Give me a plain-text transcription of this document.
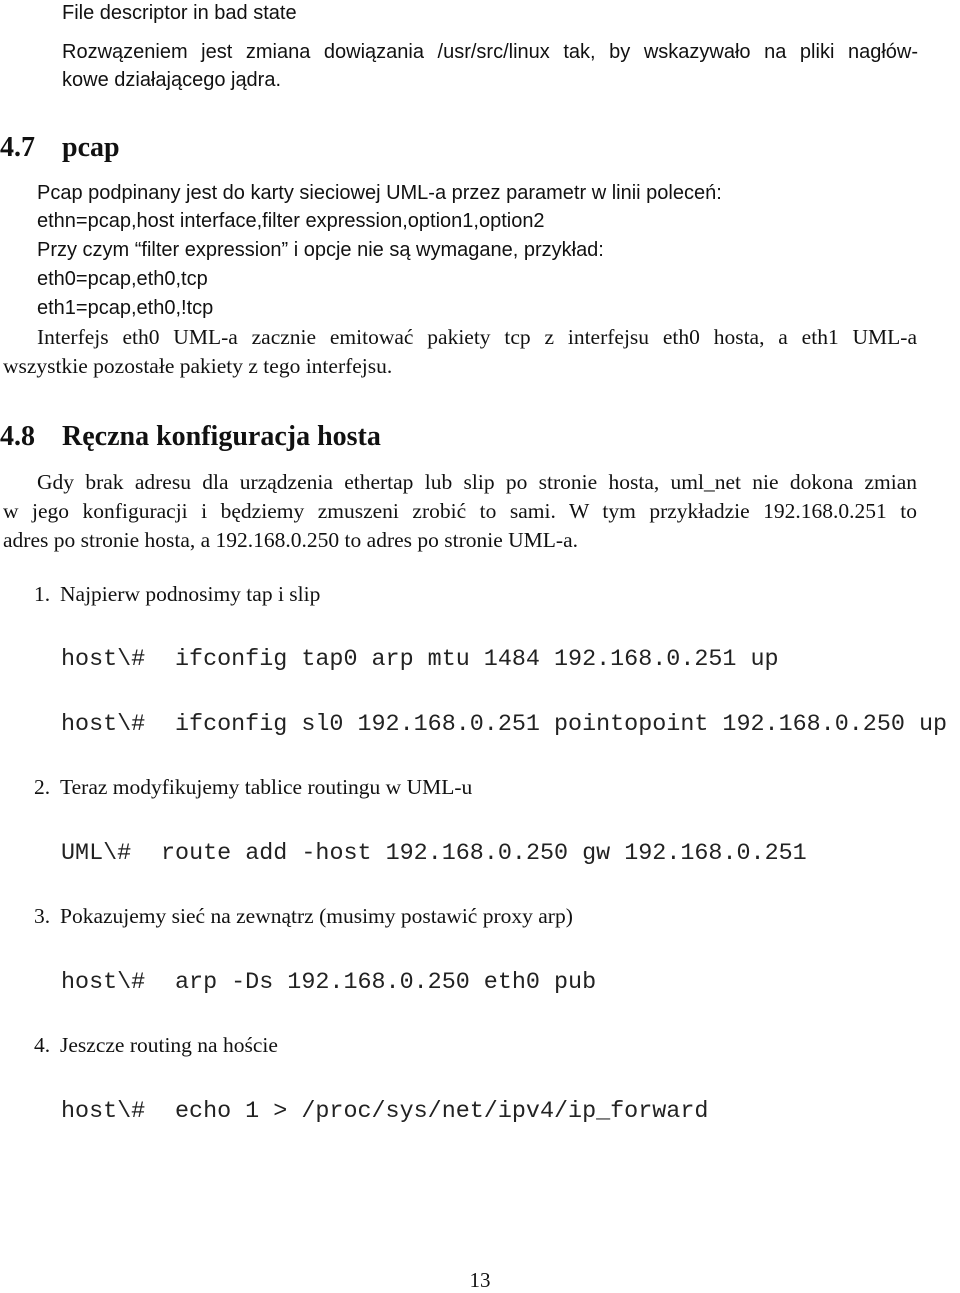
File descriptor in bad state
Rozwązeniem jest zmiana dowiązania /usr/src/linux tak, by wskazywało na pliki nagłów-
kowe działającego jądra.
4.7 pcap
Pcap podpinany jest do karty sieciowej UML-a przez parametr w linii poleceń:
ethn=pcap,host interface,filter expression,option1,option2
Przy czym “filter expression” i opcje nie są wymagane, przykład:
eth0=pcap,eth0,tcp
eth1=pcap,eth0,!tcp
Interfejs eth0 UML-a zacznie emitować pakiety tcp z interfejsu eth0 hosta, a eth1 UML-a
wszystkie pozostałe pakiety z tego interfejsu.
4.8 Ręczna konfiguracja hosta
Gdy brak adresu dla urządzenia ethertap lub slip po stronie hosta, uml_net nie dokona zmian
w jego konfiguracji i będziemy zmuszeni zrobić to sami. W tym przykładzie 192.168.0.251 to
adres po stronie hosta, a 192.168.0.250 to adres po stronie UML-a.
1. Najpierw podnosimy tap i slip
host\# ifconfig tap0 arp mtu 1484 192.168.0.251 up
host\# ifconfig sl0 192.168.0.251 pointopoint 192.168.0.250 up
2. Teraz modyfikujemy tablice routingu w UML-u
UML\# route add -host 192.168.0.250 gw 192.168.0.251
3. Pokazujemy sieć na zewnątrz (musimy postawić proxy arp)
host\# arp -Ds 192.168.0.250 eth0 pub
4. Jeszcze routing na hoście
host\# echo 1 > /proc/sys/net/ipv4/ip_forward
13
